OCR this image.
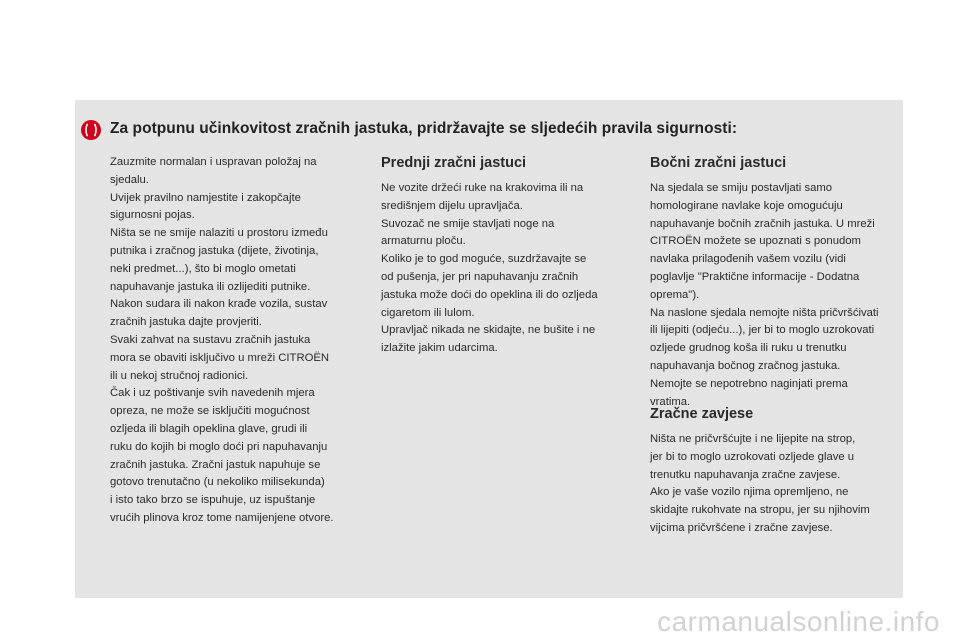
Za potpunu učinkovitost zračnih jastuka, pridržavajte se sljedećih pravila sigurnosti:
Zauzmite normalan i uspravan položaj na
sjedalu.
Uvijek pravilno namjestite i zakopčajte
sigurnosni pojas.
Ništa se ne smije nalaziti u prostoru između
putnika i zračnog jastuka (dijete, životinja,
neki predmet...), što bi moglo ometati
napuhavanje jastuka ili ozlijediti putnike.
Nakon sudara ili nakon krađe vozila, sustav
zračnih jastuka dajte provjeriti.
Svaki zahvat na sustavu zračnih jastuka
mora se obaviti isključivo u mreži CITROËN
ili u nekoj stručnoj radionici.
Čak i uz poštivanje svih navedenih mjera
opreza, ne može se isključiti mogućnost
ozljeda ili blagih opeklina glave, grudi ili
ruku do kojih bi moglo doći pri napuhavanju
zračnih jastuka. Zračni jastuk napuhuje se
gotovo trenutačno (u nekoliko milisekunda)
i isto tako brzo se ispuhuje, uz ispuštanje
vrućih plinova kroz tome namijenjene otvore.
Prednji zračni jastuci
Ne vozite držeći ruke na krakovima ili na
središnjem dijelu upravljača.
Suvozač ne smije stavljati noge na
armaturnu ploču.
Koliko je to god moguće, suzdržavajte se
od pušenja, jer pri napuhavanju zračnih
jastuka može doći do opeklina ili do ozljeda
cigaretom ili lulom.
Upravljač nikada ne skidajte, ne bušite i ne
izlažite jakim udarcima.
Bočni zračni jastuci
Na sjedala se smiju postavljati samo
homologirane navlake koje omogućuju
napuhavanje bočnih zračnih jastuka. U mreži
CITROËN možete se upoznati s ponudom
navlaka prilagođenih vašem vozilu (vidi
poglavlje "Praktične informacije - Dodatna
oprema").
Na naslone sjedala nemojte ništa pričvršćivati
ili lijepiti (odjeću...), jer bi to moglo uzrokovati
ozljede grudnog koša ili ruku u trenutku
napuhavanja bočnog zračnog jastuka.
Nemojte se nepotrebno naginjati prema
vratima.
Zračne zavjese
Ništa ne pričvršćujte i ne lijepite na strop,
jer bi to moglo uzrokovati ozljede glave u
trenutku napuhavanja zračne zavjese.
Ako je vaše vozilo njima opremljeno, ne
skidajte rukohvate na stropu, jer su njihovim
vijcima pričvršćene i zračne zavjese.
carmanualsonline.info
